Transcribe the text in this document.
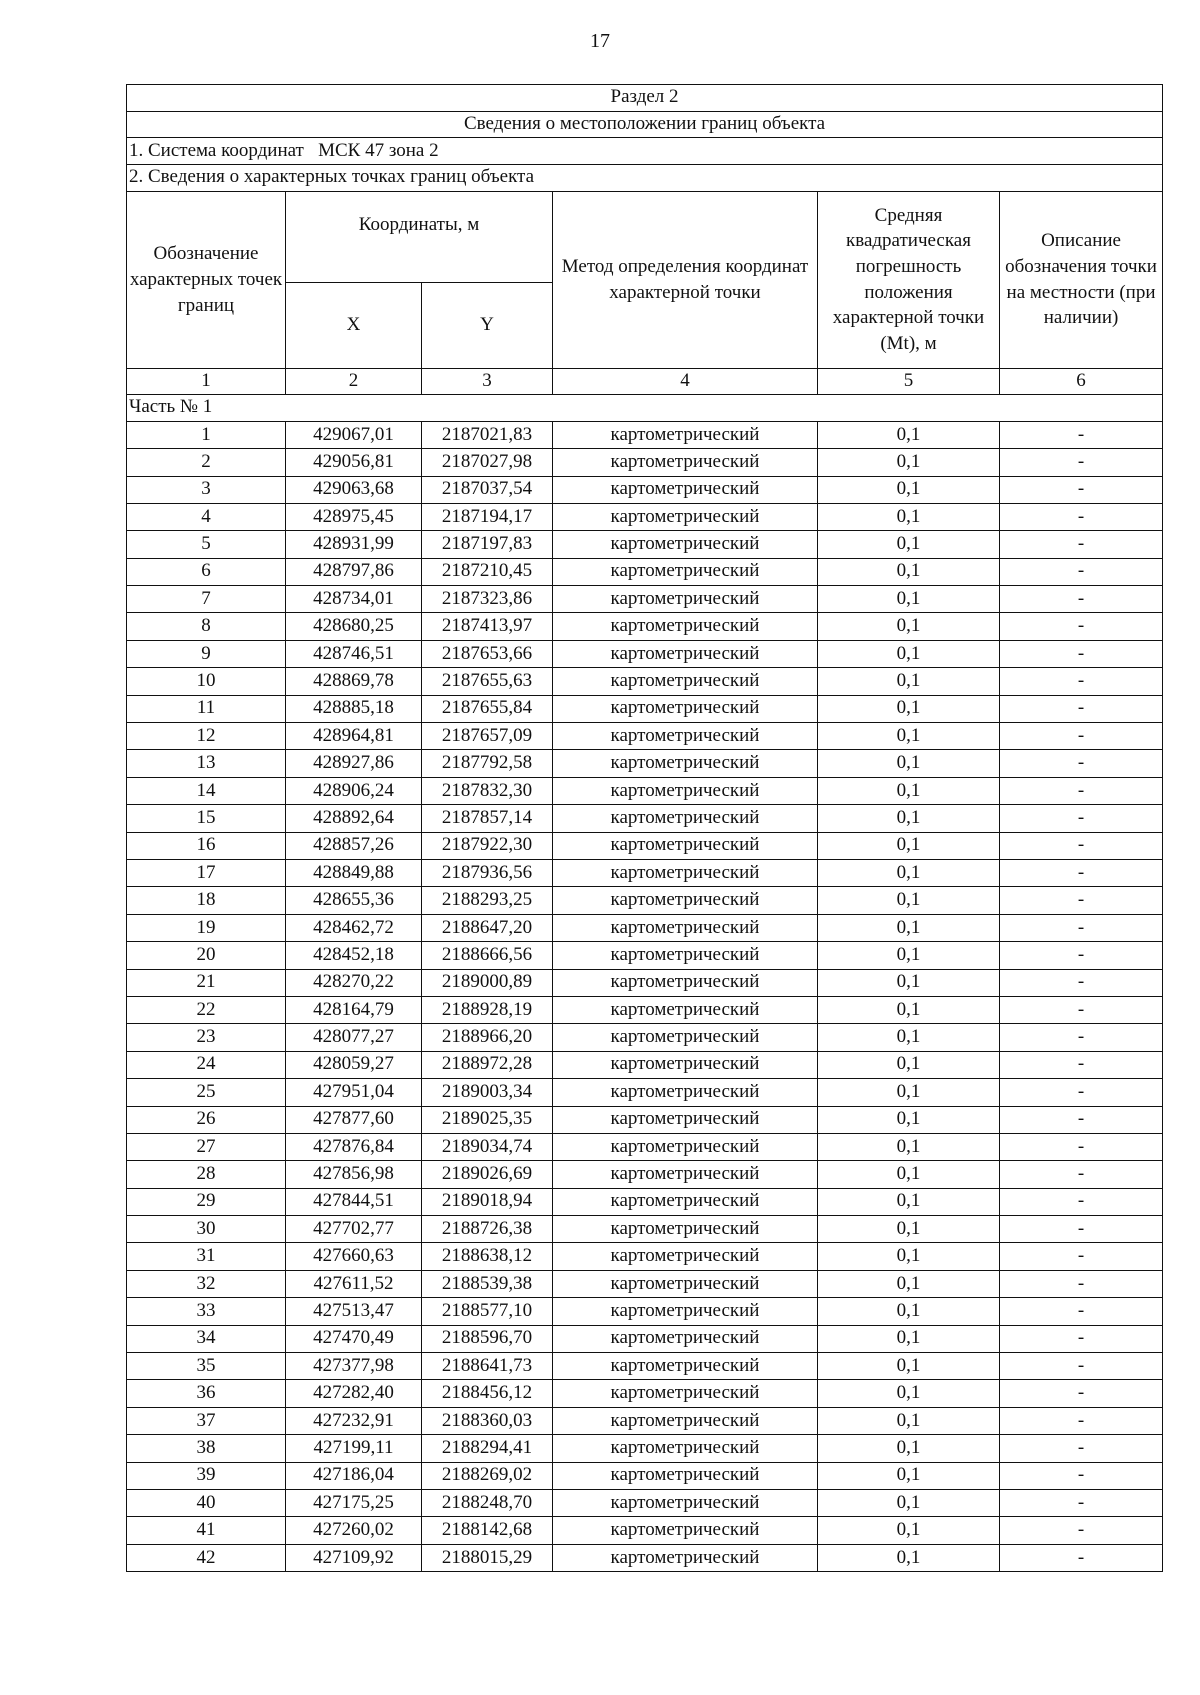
17
Раздел 2					
Сведения о местоположении границ объекта					
1. Система координат   МСК 47 зона 2					
2. Сведения о характерных точках границ объекта					
Обозначение характерных точек границ	Координаты, м		Метод определения координат характерной точки	Средняя квадратическая погрешность положения характерной точки (Mt), м	Описание обозначения точки на местности (при наличии)
	X	Y			
1	2	3	4	5	6
Часть № 1					
1	429067,01	2187021,83	картометрический	0,1	-
2	429056,81	2187027,98	картометрический	0,1	-
3	429063,68	2187037,54	картометрический	0,1	-
4	428975,45	2187194,17	картометрический	0,1	-
5	428931,99	2187197,83	картометрический	0,1	-
6	428797,86	2187210,45	картометрический	0,1	-
7	428734,01	2187323,86	картометрический	0,1	-
8	428680,25	2187413,97	картометрический	0,1	-
9	428746,51	2187653,66	картометрический	0,1	-
10	428869,78	2187655,63	картометрический	0,1	-
11	428885,18	2187655,84	картометрический	0,1	-
12	428964,81	2187657,09	картометрический	0,1	-
13	428927,86	2187792,58	картометрический	0,1	-
14	428906,24	2187832,30	картометрический	0,1	-
15	428892,64	2187857,14	картометрический	0,1	-
16	428857,26	2187922,30	картометрический	0,1	-
17	428849,88	2187936,56	картометрический	0,1	-
18	428655,36	2188293,25	картометрический	0,1	-
19	428462,72	2188647,20	картометрический	0,1	-
20	428452,18	2188666,56	картометрический	0,1	-
21	428270,22	2189000,89	картометрический	0,1	-
22	428164,79	2188928,19	картометрический	0,1	-
23	428077,27	2188966,20	картометрический	0,1	-
24	428059,27	2188972,28	картометрический	0,1	-
25	427951,04	2189003,34	картометрический	0,1	-
26	427877,60	2189025,35	картометрический	0,1	-
27	427876,84	2189034,74	картометрический	0,1	-
28	427856,98	2189026,69	картометрический	0,1	-
29	427844,51	2189018,94	картометрический	0,1	-
30	427702,77	2188726,38	картометрический	0,1	-
31	427660,63	2188638,12	картометрический	0,1	-
32	427611,52	2188539,38	картометрический	0,1	-
33	427513,47	2188577,10	картометрический	0,1	-
34	427470,49	2188596,70	картометрический	0,1	-
35	427377,98	2188641,73	картометрический	0,1	-
36	427282,40	2188456,12	картометрический	0,1	-
37	427232,91	2188360,03	картометрический	0,1	-
38	427199,11	2188294,41	картометрический	0,1	-
39	427186,04	2188269,02	картометрический	0,1	-
40	427175,25	2188248,70	картометрический	0,1	-
41	427260,02	2188142,68	картометрический	0,1	-
42	427109,92	2188015,29	картометрический	0,1	-
